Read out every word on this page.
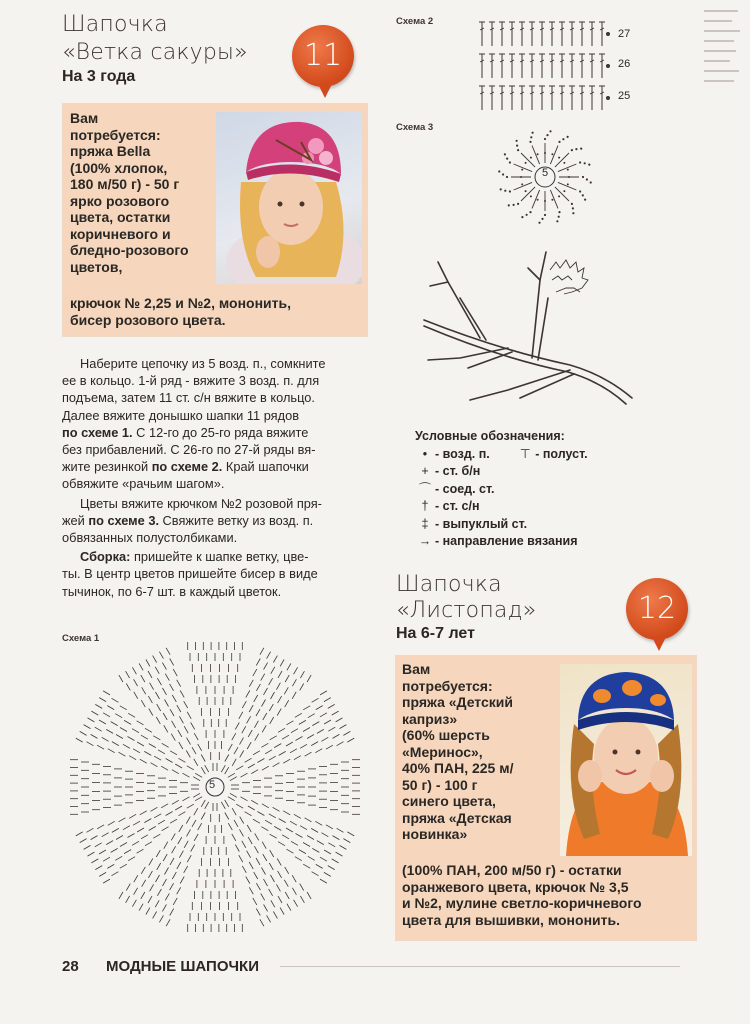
Шапочка
«Ветка сакуры»
На 3 года
11
Вам
потребуется:
пряжа Bella
(100% хлопок,
180 м/50 г) - 50 г
ярко розового
цвета, остатки
коричневого и
бледно-розового
цветов,
крючок № 2,25 и №2, мононить,
бисер розового цвета.
Наберите цепочку из 5 возд. п., сомкните
ее в кольцо. 1-й ряд - вяжите 3 возд. п. для
подъема, затем 11 ст. с/н вяжите в кольцо.
Далее вяжите донышко шапки 11 рядов
по схеме 1. С 12-го до 25-го ряда вяжите
без прибавлений. С 26-го по 27-й ряды вя-
жите резинкой по схеме 2. Край шапочки
обвяжите «рачьим шагом».
Цветы вяжите крючком №2 розовой пря-
жей по схеме 3. Свяжите ветку из возд. п.
обвязанных полустолбиками.
Сборка: пришейте к шапке ветку, цве-
ты. В центр цветов пришейте бисер в виде
тычинок, по 6-7 шт. в каждый цветок.
Схема 1
5
Схема 2
27
26
25
Схема 3
5
Условные обозначения:
• - возд. п. ⊤ - полуст.
+ - ст. б/н
⌒ - соед. ст.
† - ст. с/н
‡ - выпуклый ст.
→ - направление вязания
Шапочка
«Листопад»
На 6-7 лет
12
Вам
потребуется:
пряжа «Детский
каприз»
(60% шерсть
«Меринос»,
40% ПАН, 225 м/
50 г) - 100 г
синего цвета,
пряжа «Детская
новинка»
(100% ПАН, 200 м/50 г) - остатки
оранжевого цвета, крючок № 3,5
и №2, мулине светло-коричневого
цвета для вышивки, мононить.
28 МОДНЫЕ ШАПОЧКИ
